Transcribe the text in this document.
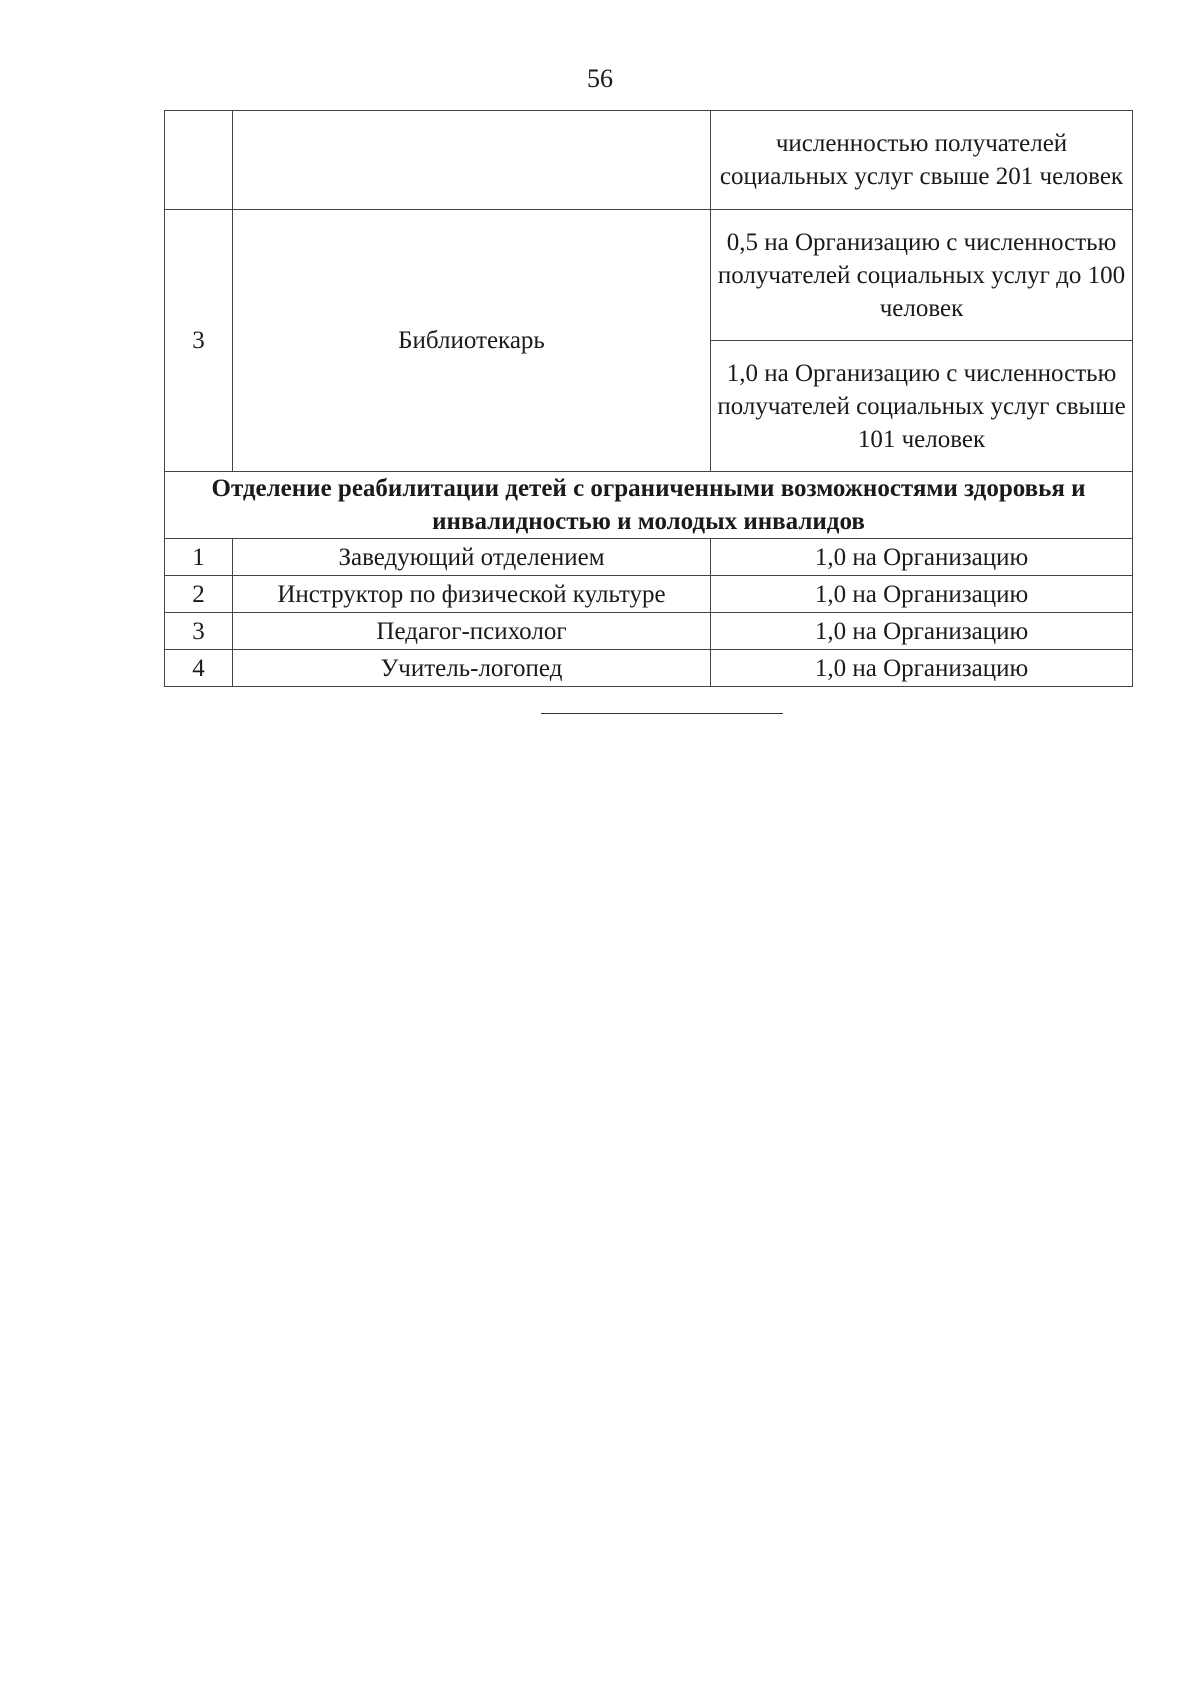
56
		численностью получателей социальных услуг свыше 201 человек
3	Библиотекарь	0,5 на Организацию с численностью получателей социальных услуг до 100 человек
		1,0 на Организацию с численностью получателей социальных услуг свыше 101 человек
Отделение реабилитации детей с ограниченными возможностями здоровья и инвалидностью и молодых инвалидов		
1	Заведующий отделением	1,0 на Организацию
2	Инструктор по физической культуре	1,0 на Организацию
3	Педагог-психолог	1,0 на Организацию
4	Учитель-логопед	1,0 на Организацию
